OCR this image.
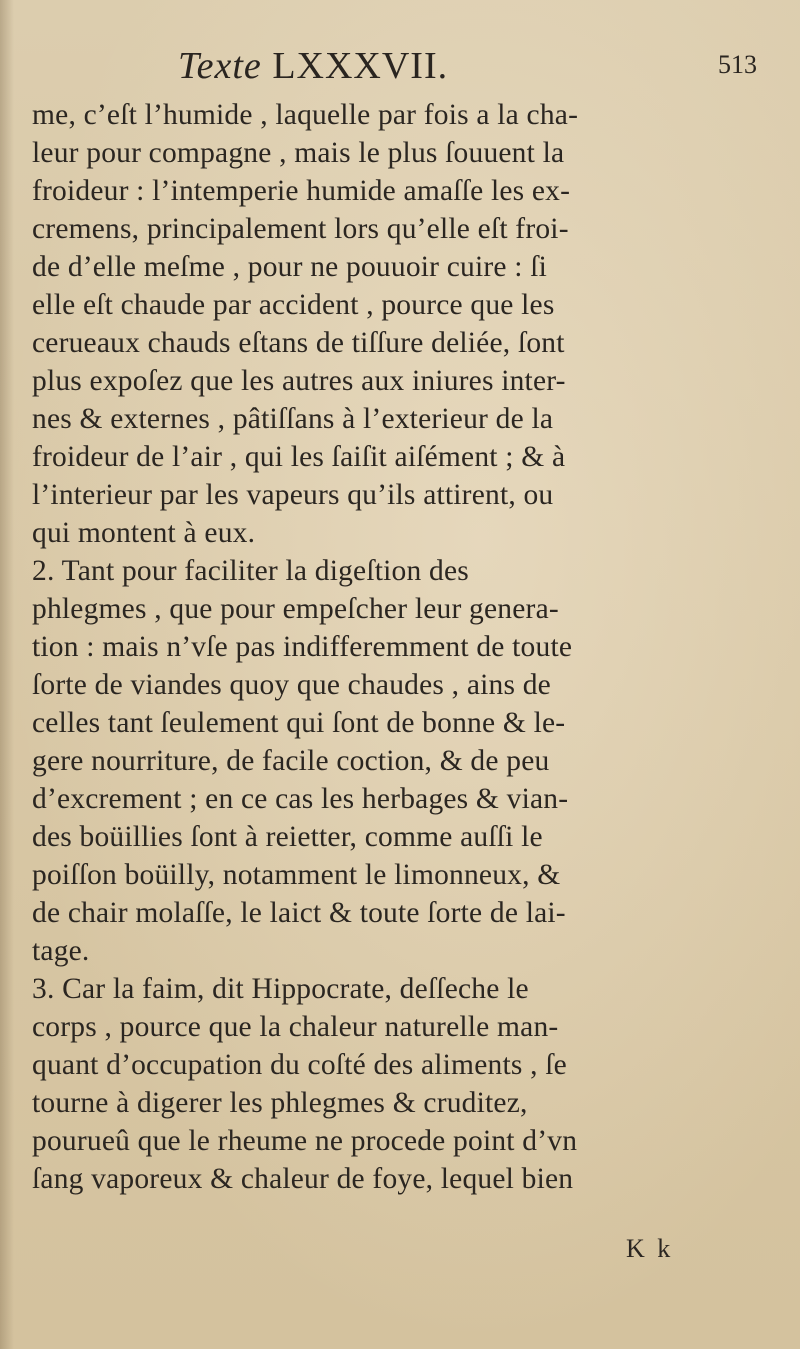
Texte LXXXVII.	513
me, c’eſt l’humide , laquelle par fois a la cha-
leur pour compagne , mais le plus ſouuent la
froideur : l’intemperie humide amaſſe les ex-
cremens, principalement lors qu’elle eſt froi-
de d’elle meſme , pour ne pouuoir cuire : ſi
elle eſt chaude par accident , pource que les
cerueaux chauds eſtans de tiſſure deliée, ſont
plus expoſez que les autres aux iniures inter-
nes & externes , pâtiſſans à l’exterieur de la
froideur de l’air , qui les ſaiſit aiſément ; & à
l’interieur par les vapeurs qu’ils attirent, ou
qui montent à eux.
2. Tant pour faciliter la digeſtion des
phlegmes , que pour empeſcher leur genera-
tion : mais n’vſe pas indifferemment de toute
ſorte de viandes quoy que chaudes , ains de
celles tant ſeulement qui ſont de bonne & le-
gere nourriture, de facile coction, & de peu
d’excrement ; en ce cas les herbages & vian-
des boüillies ſont à reietter, comme auſſi le
poiſſon boüilly, notamment le limonneux, &
de chair molaſſe, le laict & toute ſorte de lai-
tage.
3. Car la faim, dit Hippocrate, deſſeche le
corps , pource que la chaleur naturelle man-
quant d’occupation du coſté des aliments , ſe
tourne à digerer les phlegmes & cruditez,
pourueû que le rheume ne procede point d’vn
ſang vaporeux & chaleur de foye, lequel bien
K k
